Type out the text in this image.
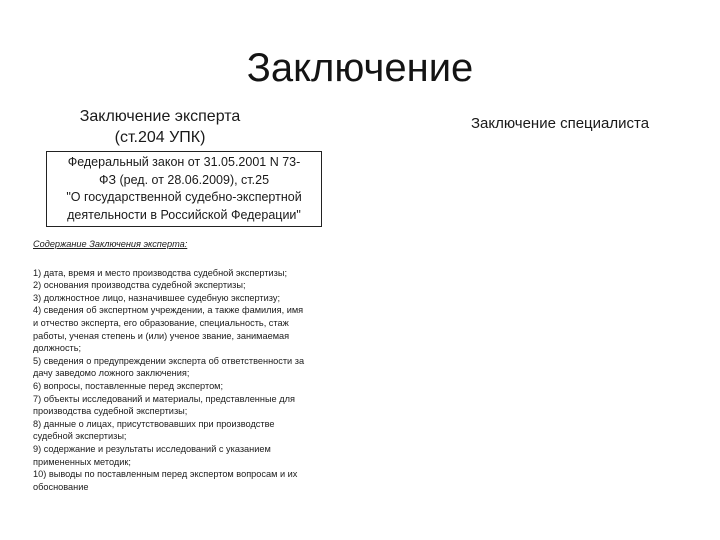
Заключение
Заключение эксперта
(ст.204 УПК)
Заключение специалиста
Федеральный закон от 31.05.2001 N 73-
ФЗ (ред. от 28.06.2009), ст.25
"О государственной судебно-экспертной
деятельности в Российской Федерации"
Содержание Заключения эксперта:
1) дата, время и место производства судебной экспертизы;
2) основания производства судебной экспертизы;
3) должностное лицо, назначившее судебную экспертизу;
4) сведения об экспертном учреждении, а также фамилия, имя
и отчество эксперта, его образование, специальность, стаж
работы, ученая степень и (или) ученое звание, занимаемая
должность;
5) сведения о предупреждении эксперта об ответственности за
дачу заведомо ложного заключения;
6) вопросы, поставленные перед экспертом;
7) объекты исследований и материалы, представленные для
производства судебной экспертизы;
8) данные о лицах, присутствовавших при производстве
судебной экспертизы;
9) содержание и результаты исследований с указанием
примененных методик;
10) выводы по поставленным перед экспертом вопросам и их
обоснование
